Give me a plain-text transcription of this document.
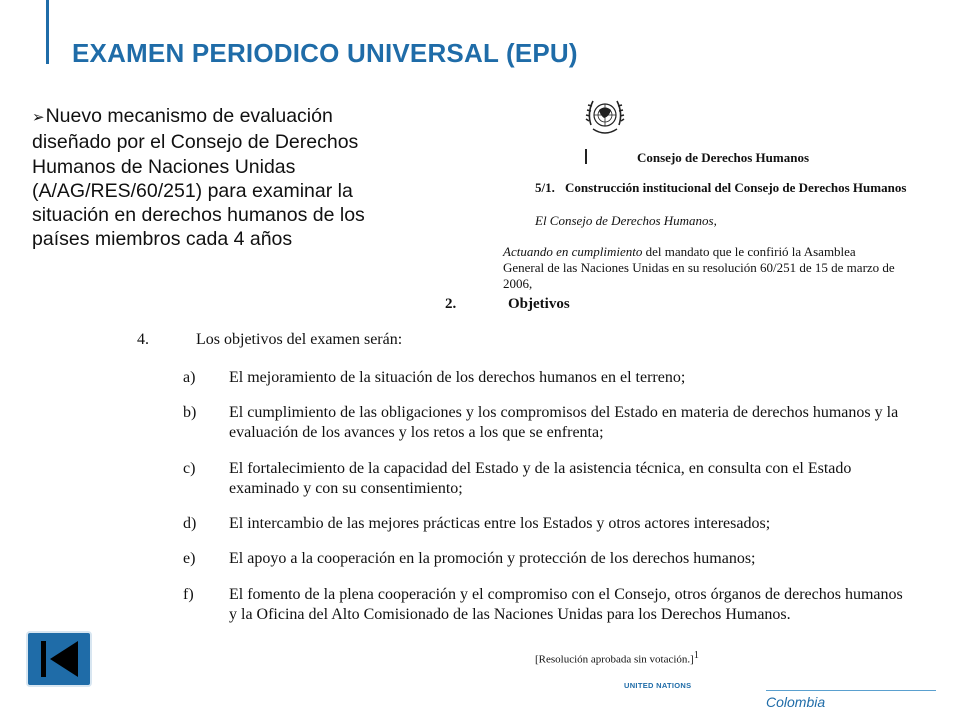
EXAMEN PERIODICO UNIVERSAL (EPU)
➢Nuevo mecanismo de evaluación diseñado por el Consejo de Derechos Humanos de Naciones Unidas (A/AG/RES/60/251) para examinar la situación en derechos humanos de los países miembros cada 4 años
Consejo de Derechos Humanos
5/1. Construcción institucional del Consejo de Derechos Humanos
El Consejo de Derechos Humanos,
Actuando en cumplimiento del mandato que le confirió la Asamblea General de las Naciones Unidas en su resolución 60/251 de 15 de marzo de 2006,
2.	Objetivos
4.	Los objetivos del examen serán:
a) El mejoramiento de la situación de los derechos humanos en el terreno;
b) El cumplimiento de las obligaciones y los compromisos del Estado en materia de derechos humanos y la evaluación de los avances y los retos a los que se enfrenta;
c) El fortalecimiento de la capacidad del Estado y de la asistencia técnica, en consulta con el Estado examinado y con su consentimiento;
d) El intercambio de las mejores prácticas entre los Estados y otros actores interesados;
e) El apoyo a la cooperación en la promoción y protección de los derechos humanos;
f) El fomento de la plena cooperación y el compromiso con el Consejo, otros órganos de derechos humanos y la Oficina del Alto Comisionado de las Naciones Unidas para los Derechos Humanos.
[Resolución aprobada sin votación.]$^1$
UNITED NATIONS
Colombia
